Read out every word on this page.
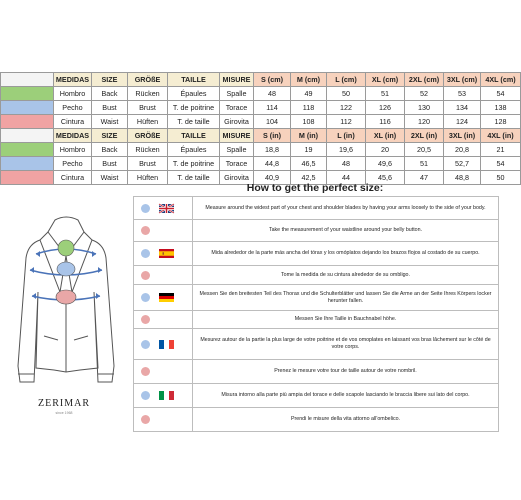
	MEDIDAS	SIZE	GRÖßE	TAILLE	MISURE	S (cm)	M (cm)	L (cm)	XL (cm)	2XL (cm)	3XL (cm)	4XL (cm)
	Hombro	Back	Rücken	Épaules	Spalle	48	49	50	51	52	53	54
	Pecho	Bust	Brust	T. de poitrine	Torace	114	118	122	126	130	134	138
	Cintura	Waist	Hüften	T. de taille	Girovita	104	108	112	116	120	124	128
	MEDIDAS	SIZE	GRÖßE	TAILLE	MISURE	S (in)	M (in)	L (in)	XL (in)	2XL (in)	3XL (in)	4XL (in)
	Hombro	Back	Rücken	Épaules	Spalle	18,8	19	19,6	20	20,5	20,8	21
	Pecho	Bust	Brust	T. de poitrine	Torace	44,8	46,5	48	49,6	51	52,7	54
	Cintura	Waist	Hüften	T. de taille	Girovita	40,9	42,5	44	45,6	47	48,8	50
How to get the perfect size:
ZERIMAR
since 1968
	Measure around the widest part of your chest and shoulder blades by having your arms loosely to the side of your body.
	Take the measurement of your waistline around your belly button.
	Mida alrededor de la parte más ancha del tórax y los omóplatos dejando los brazos flojos al costado de su cuerpo.
	Tome la medida de su cintura alrededor de su ombligo.
	Messen Sie den breitesten Teil des Thorax und die Schulterblätter und lassen Sie die Arme an der Seite Ihres Körpers locker herunter fallen.
	Messen Sie Ihre Taille in Bauchnabel höhe.
	Mesurez autour de la partie la plus large de votre poitrine et de vos omoplates en laissant vos bras lâchement sur le côté de votre corps.
	Prenez le mesure votre tour de taille autour de votre nombril.
	Misura intorno alla parte più ampia del torace e delle scapole lasciando le braccia libere sui lato del corpo.
	Prendi le misure della vita attorno all'ombelico.
